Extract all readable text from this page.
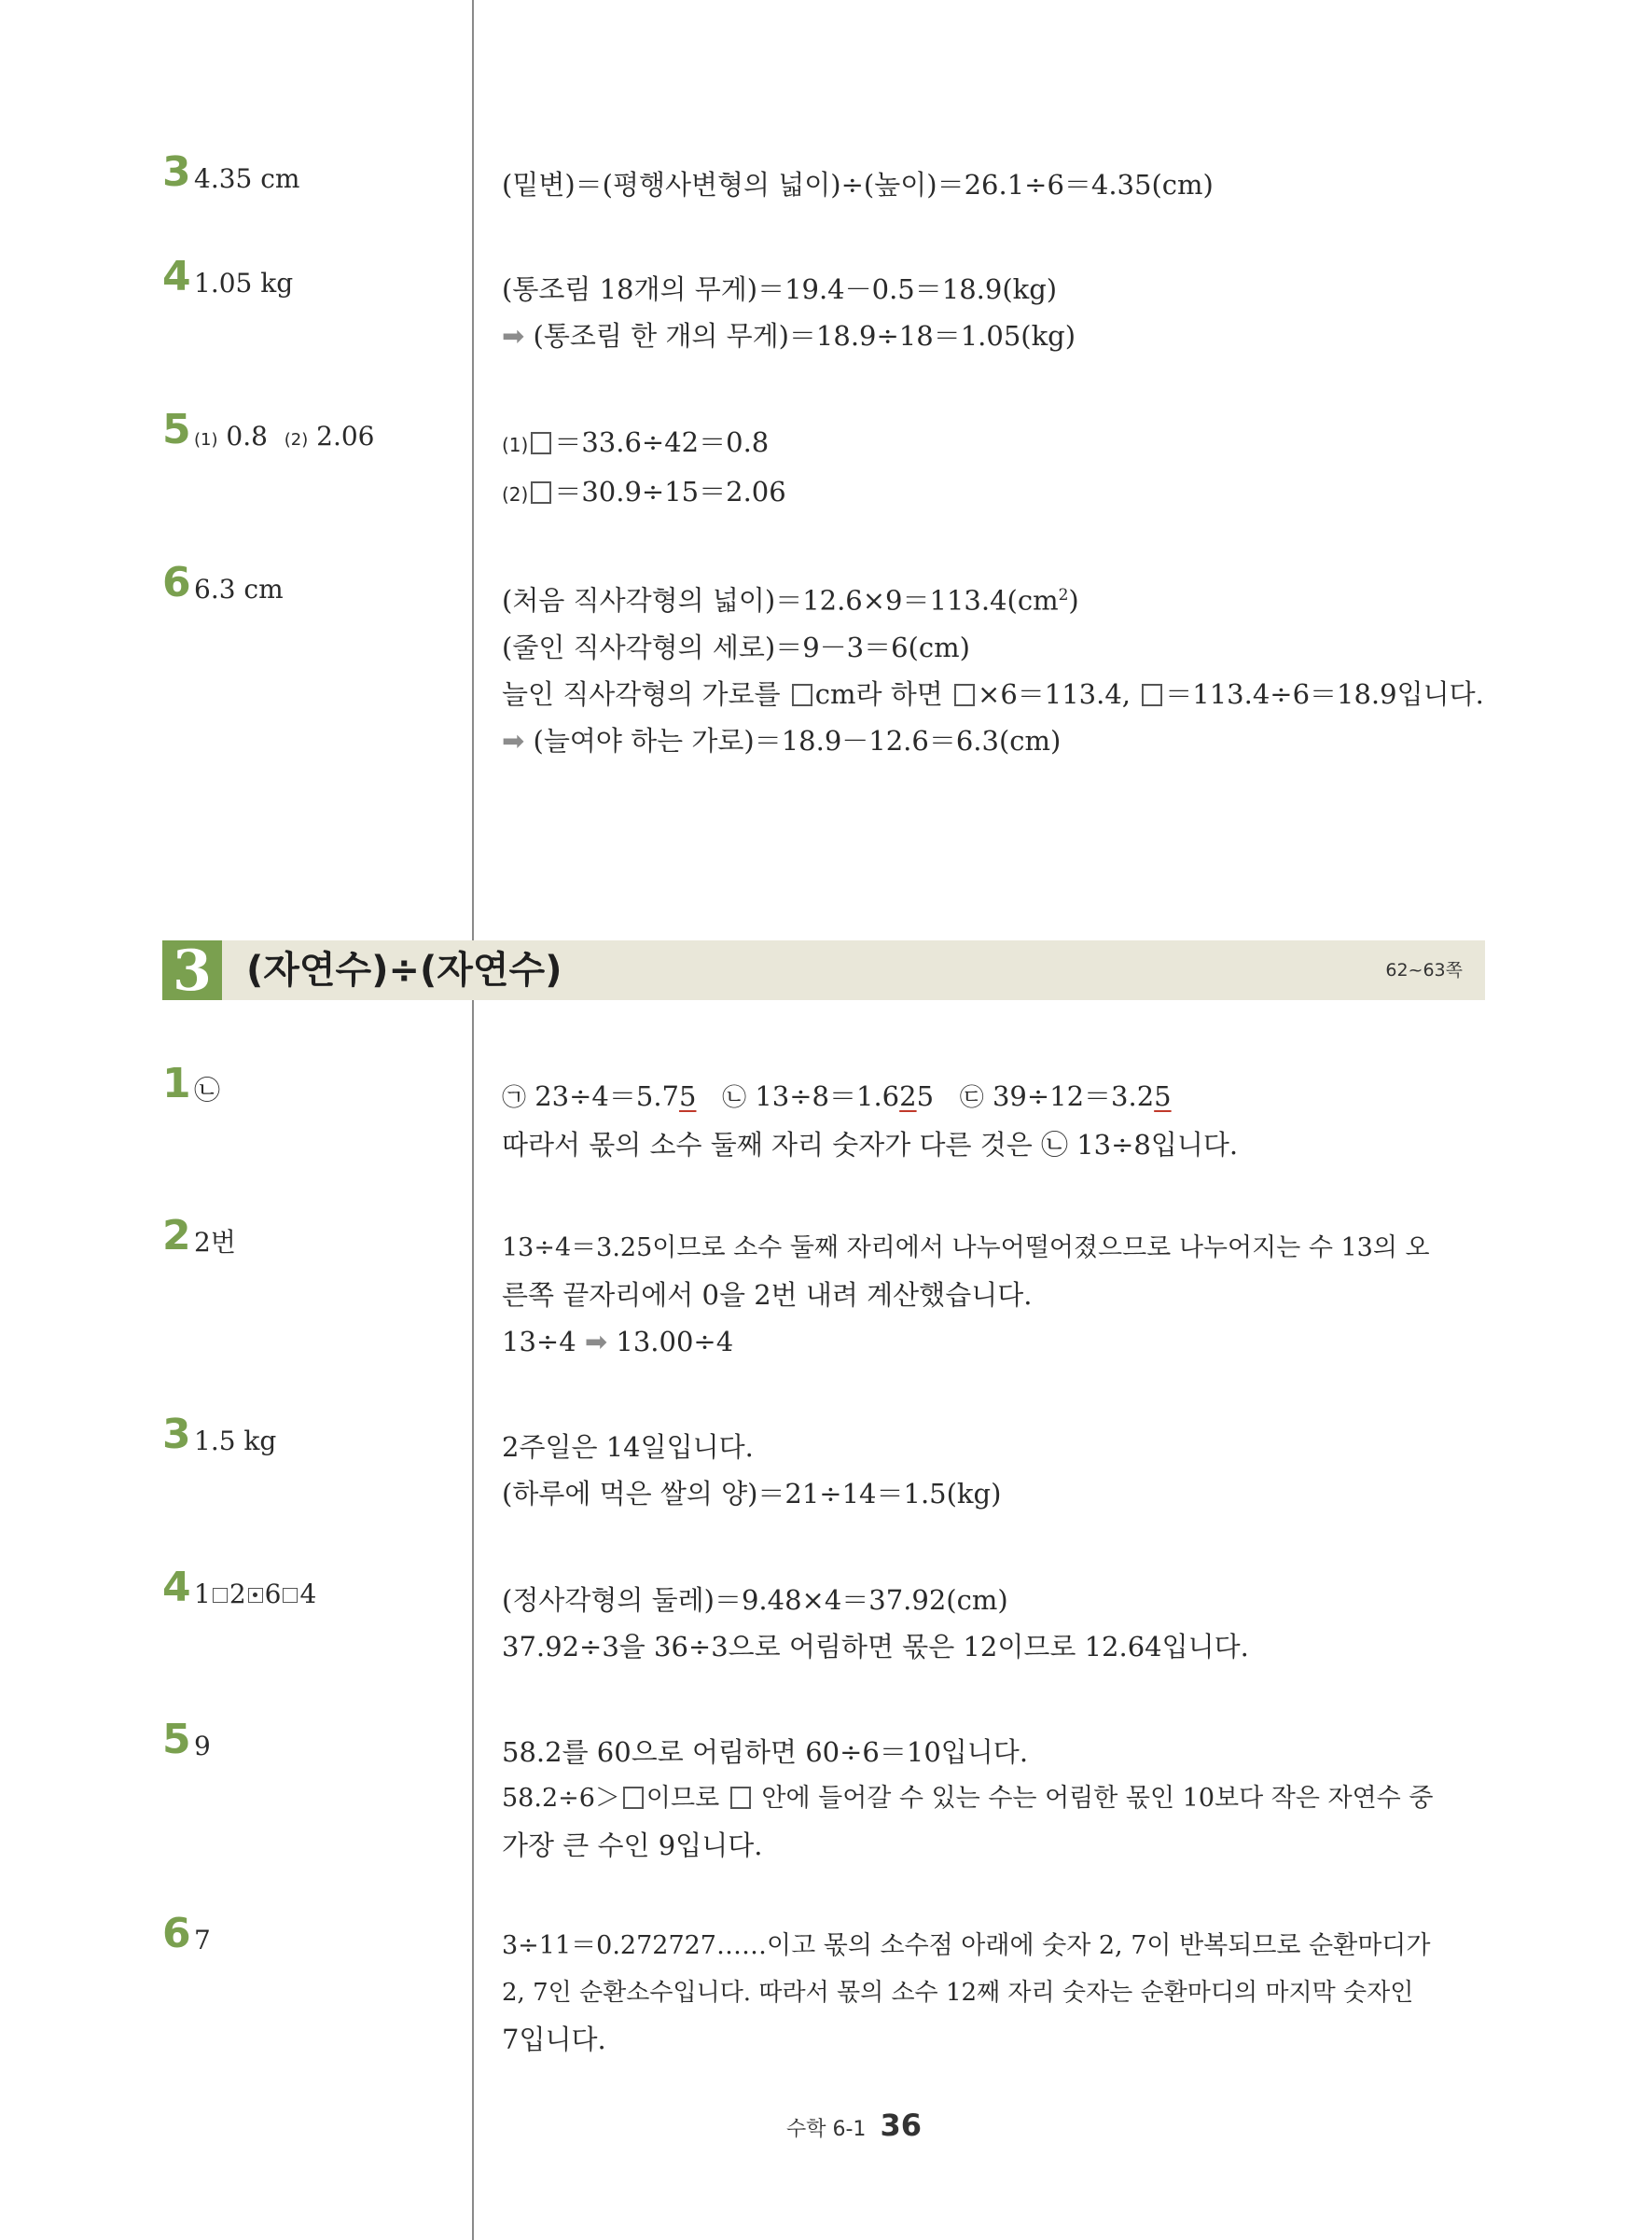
3 4.35 cm	(밑변)＝(평행사변형의 넓이)÷(높이)＝26.1÷6＝4.35(cm)
4 1.05 kg	(통조림 18개의 무게)＝19.4－0.5＝18.9(kg)
➡ (통조림 한 개의 무게)＝18.9÷18＝1.05(kg)
5 (1) 0.8 (2) 2.06	(1) ＝33.6÷42＝0.8
(2) ＝30.9÷15＝2.06
6 6.3 cm	(처음 직사각형의 넓이)$=12.6\times 9=113.4(cm^2)$
(줄인 직사각형의 세로)＝9－3＝6(cm)
늘인 직사각형의 가로를 cm라 하면 ×6＝113.4, ＝113.4÷6＝18.9입니다.
➡ (늘여야 하는 가로)＝18.9－12.6＝6.3(cm)
3 (자연수)÷(자연수)	62~63쪽
1 ㉡	㉠ 23÷4＝5.75 ㉡ 13÷8＝1.625 ㉢ 39÷12＝3.25
따라서 몫의 소수 둘째 자리 숫자가 다른 것은 ㉡ 13÷8입니다.
2 2번	13÷4＝3.25이므로 소수 둘째 자리에서 나누어떨어졌으므로 나누어지는 수 13의 오
른쪽 끝자리에서 0을 2번 내려 계산했습니다.
13÷4 ➡ 13.00÷4
3 1.5 kg	2주일은 14일입니다.
(하루에 먹은 쌀의 양)＝21÷14＝1.5(kg)
4 1 2 6 4	(정사각형의 둘레)＝9.48×4＝37.92(cm)
37.92÷3을 36÷3으로 어림하면 몫은 12이므로 12.64입니다.
5 9	58.2를 60으로 어림하면 60÷6＝10입니다.
58.2÷6＞ 이므로 안에 들어갈 수 있는 수는 어림한 몫인 10보다 작은 자연수 중
가장 큰 수인 9입니다.
6 7	3÷11＝0.272727……이고 몫의 소수점 아래에 숫자 2, 7이 반복되므로 순환마디가
2, 7인 순환소수입니다. 따라서 몫의 소수 12째 자리 숫자는 순환마디의 마지막 숫자인
7입니다.
수학 6-1 36
